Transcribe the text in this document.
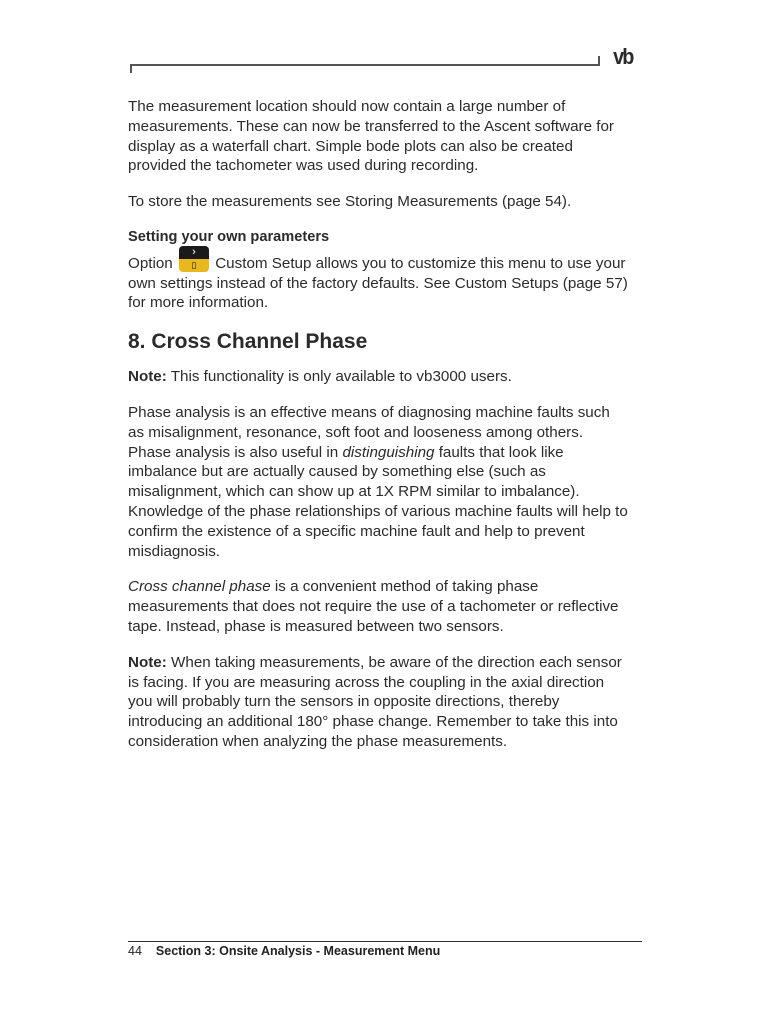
vb

The measurement location should now contain a large number of measurements. These can now be transferred to the Ascent software for display as a waterfall chart. Simple bode plots can also be created provided the tachometer was used during recording.

To store the measurements see Storing Measurements (page 54).

Setting your own parameters

Option
›
▯	Custom Setup allows you to customize this menu to use your own settings instead of the factory defaults. See Custom Setups (page 57) for more information.

8. Cross Channel Phase

Note: This functionality is only available to vb3000 users.

Phase analysis is an effective means of diagnosing machine faults such as misalignment, resonance, soft foot and looseness among others. Phase analysis is also useful in distinguishing faults that look like imbalance but are actually caused by something else (such as misalignment, which can show up at 1X RPM similar to imbalance). Knowledge of the phase relationships of various machine faults will help to confirm the existence of a specific machine fault and help to prevent misdiagnosis.

Cross channel phase is a convenient method of taking phase measurements that does not require the use of a tachometer or reflective tape. Instead, phase is measured between two sensors.

Note: When taking measurements, be aware of the direction each sensor is facing. If you are measuring across the coupling in the axial direction you will probably turn the sensors in opposite directions, thereby introducing an additional 180° phase change. Remember to take this into consideration when analyzing the phase measurements.

44 Section 3: Onsite Analysis - Measurement Menu
